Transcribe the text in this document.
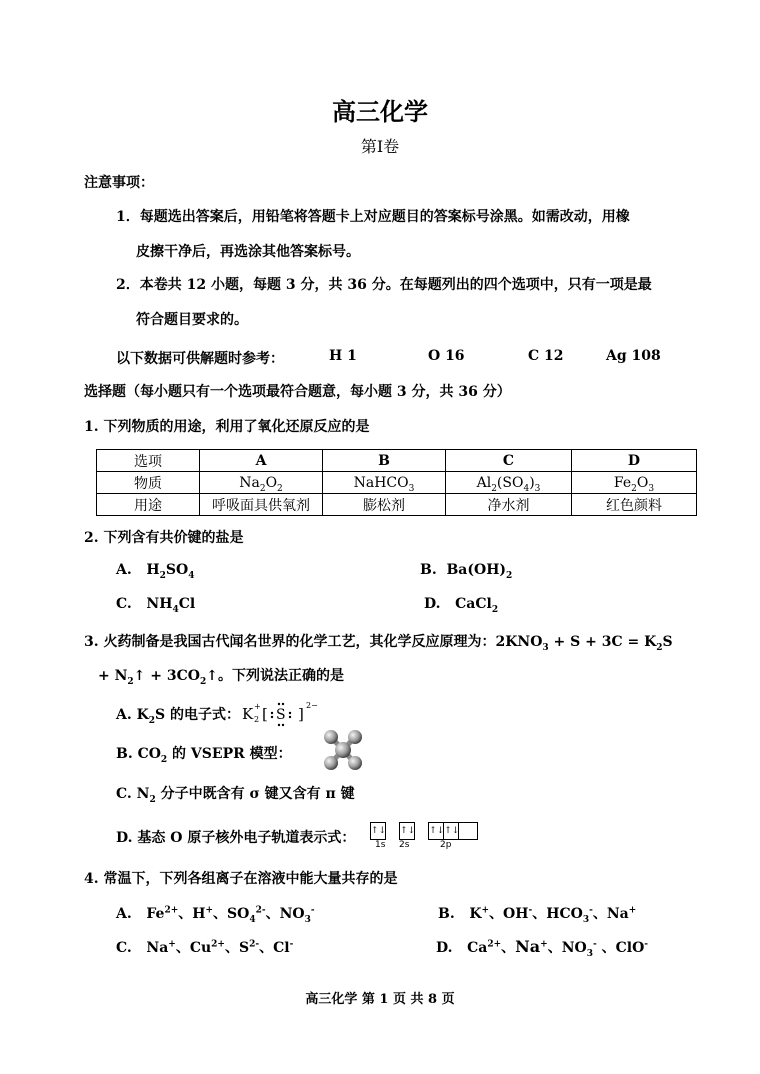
高三化学
第Ⅰ卷
注意事项：
1．每题选出答案后，用铅笔将答题卡上对应题目的答案标号涂黑。如需改动，用橡
皮擦干净后，再选涂其他答案标号。
2．本卷共 12 小题，每题 3 分，共 36 分。在每题列出的四个选项中，只有一项是最
符合题目要求的。
以下数据可供解题时参考：	H 1	O 16	C 12	Ag 108
选择题（每小题只有一个选项最符合题意，每小题 3 分，共 36 分）
1. 下列物质的用途，利用了氧化还原反应的是
选项	A	B	C	D
物质	$Na_2O_2$	NaHCO$_3$	$Al_2(SO_4)_3$	$Fe_2O_3$
用途	呼吸面具供氧剂	膨松剂	净水剂	红色颜料
2. 下列含有共价键的盐是
A.   $H_2SO_4$	B.  $Ba(OH)_2$
C.   $NH_4Cl$	D.   CaCl$_2$
3. 火药制备是我国古代闻名世界的化学工艺，其化学反应原理为：$2KNO_3 + S + 3C = K_2S$
+ $N_2↑$ + $3CO_2↑$。下列说法正确的是
A. $K_2S$ 的电子式： K +
2 [ S ] 2−
B. $CO_2$ 的 VSEPR 模型：
C. $N_2$ 分子中既含有 σ 键又含有 π 键
D. 基态 O 原子核外电子轨道表示式： ↑↓ ↑↓ ↑↓↑↓
1s 2s	2p
4. 常温下，下列各组离子在溶液中能大量共存的是
A.   $Fe^{2+}$、H+、$SO_4^{2-}$、$NO_3^-$	B.   K+、OH-、$HCO_3^-$、Na+
C.   Na+、$Cu^{2+}$、$S^{2-}$、Cl-	D.   $Ca^{2+}$、Na+、$NO_3^-$ 、ClO-
高三化学 第 1 页 共 8 页
